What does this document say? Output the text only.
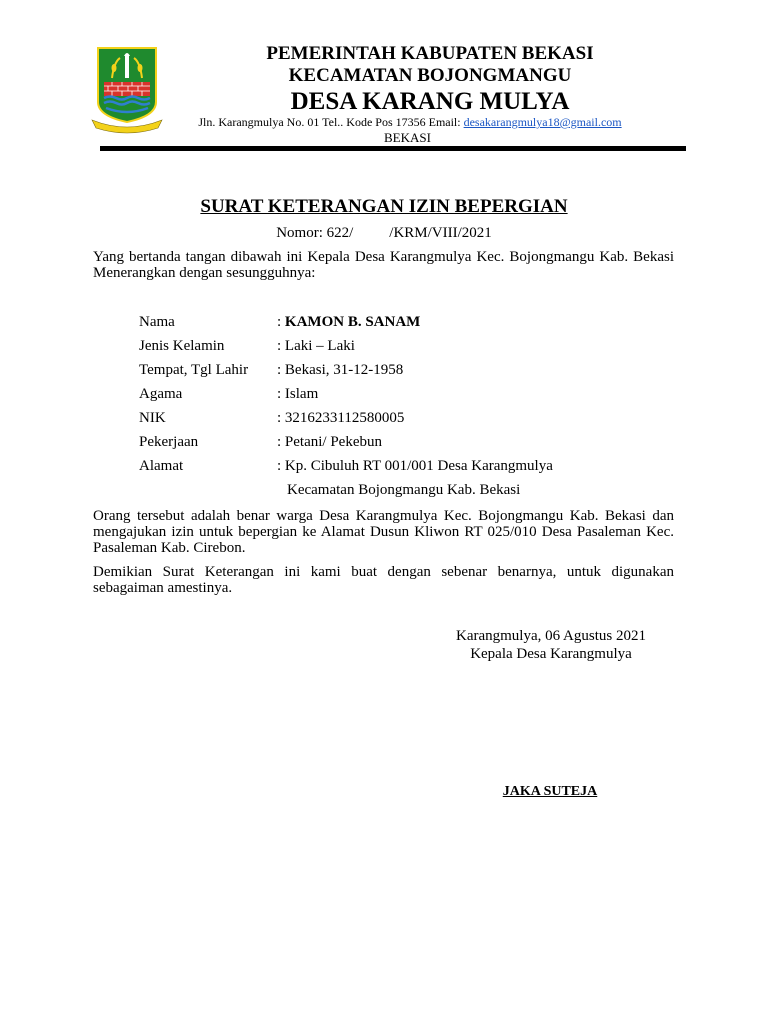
PEMERINTAH KABUPATEN BEKASI
KECAMATAN BOJONGMANGU
DESA KARANG MULYA
Jln. Karangmulya No. 01 Tel.. Kode Pos 17356 Email: desakarangmulya18@gmail.com
BEKASI
SURAT KETERANGAN IZIN BEPERGIAN
Nomor: 622/ /KRM/VIII/2021
Yang bertanda tangan dibawah ini Kepala Desa Karangmulya Kec. Bojongmangu Kab. Bekasi Menerangkan dengan sesungguhnya:
Nama	: KAMON B. SANAM
Jenis Kelamin	: Laki – Laki
Tempat, Tgl Lahir : Bekasi, 31-12-1958
Agama	: Islam
NIK	: 3216233112580005
Pekerjaan	: Petani/ Pekebun
Alamat	: Kp. Cibuluh RT 001/001 Desa Karangmulya
Kecamatan Bojongmangu Kab. Bekasi
Orang tersebut adalah benar warga Desa Karangmulya Kec. Bojongmangu Kab. Bekasi dan mengajukan izin untuk bepergian ke Alamat Dusun Kliwon RT 025/010 Desa Pasaleman Kec. Pasaleman Kab. Cirebon.
Demikian Surat Keterangan ini kami buat dengan sebenar benarnya, untuk digunakan sebagaiman amestinya.
Karangmulya, 06 Agustus 2021
Kepala Desa Karangmulya
JAKA SUTEJA
